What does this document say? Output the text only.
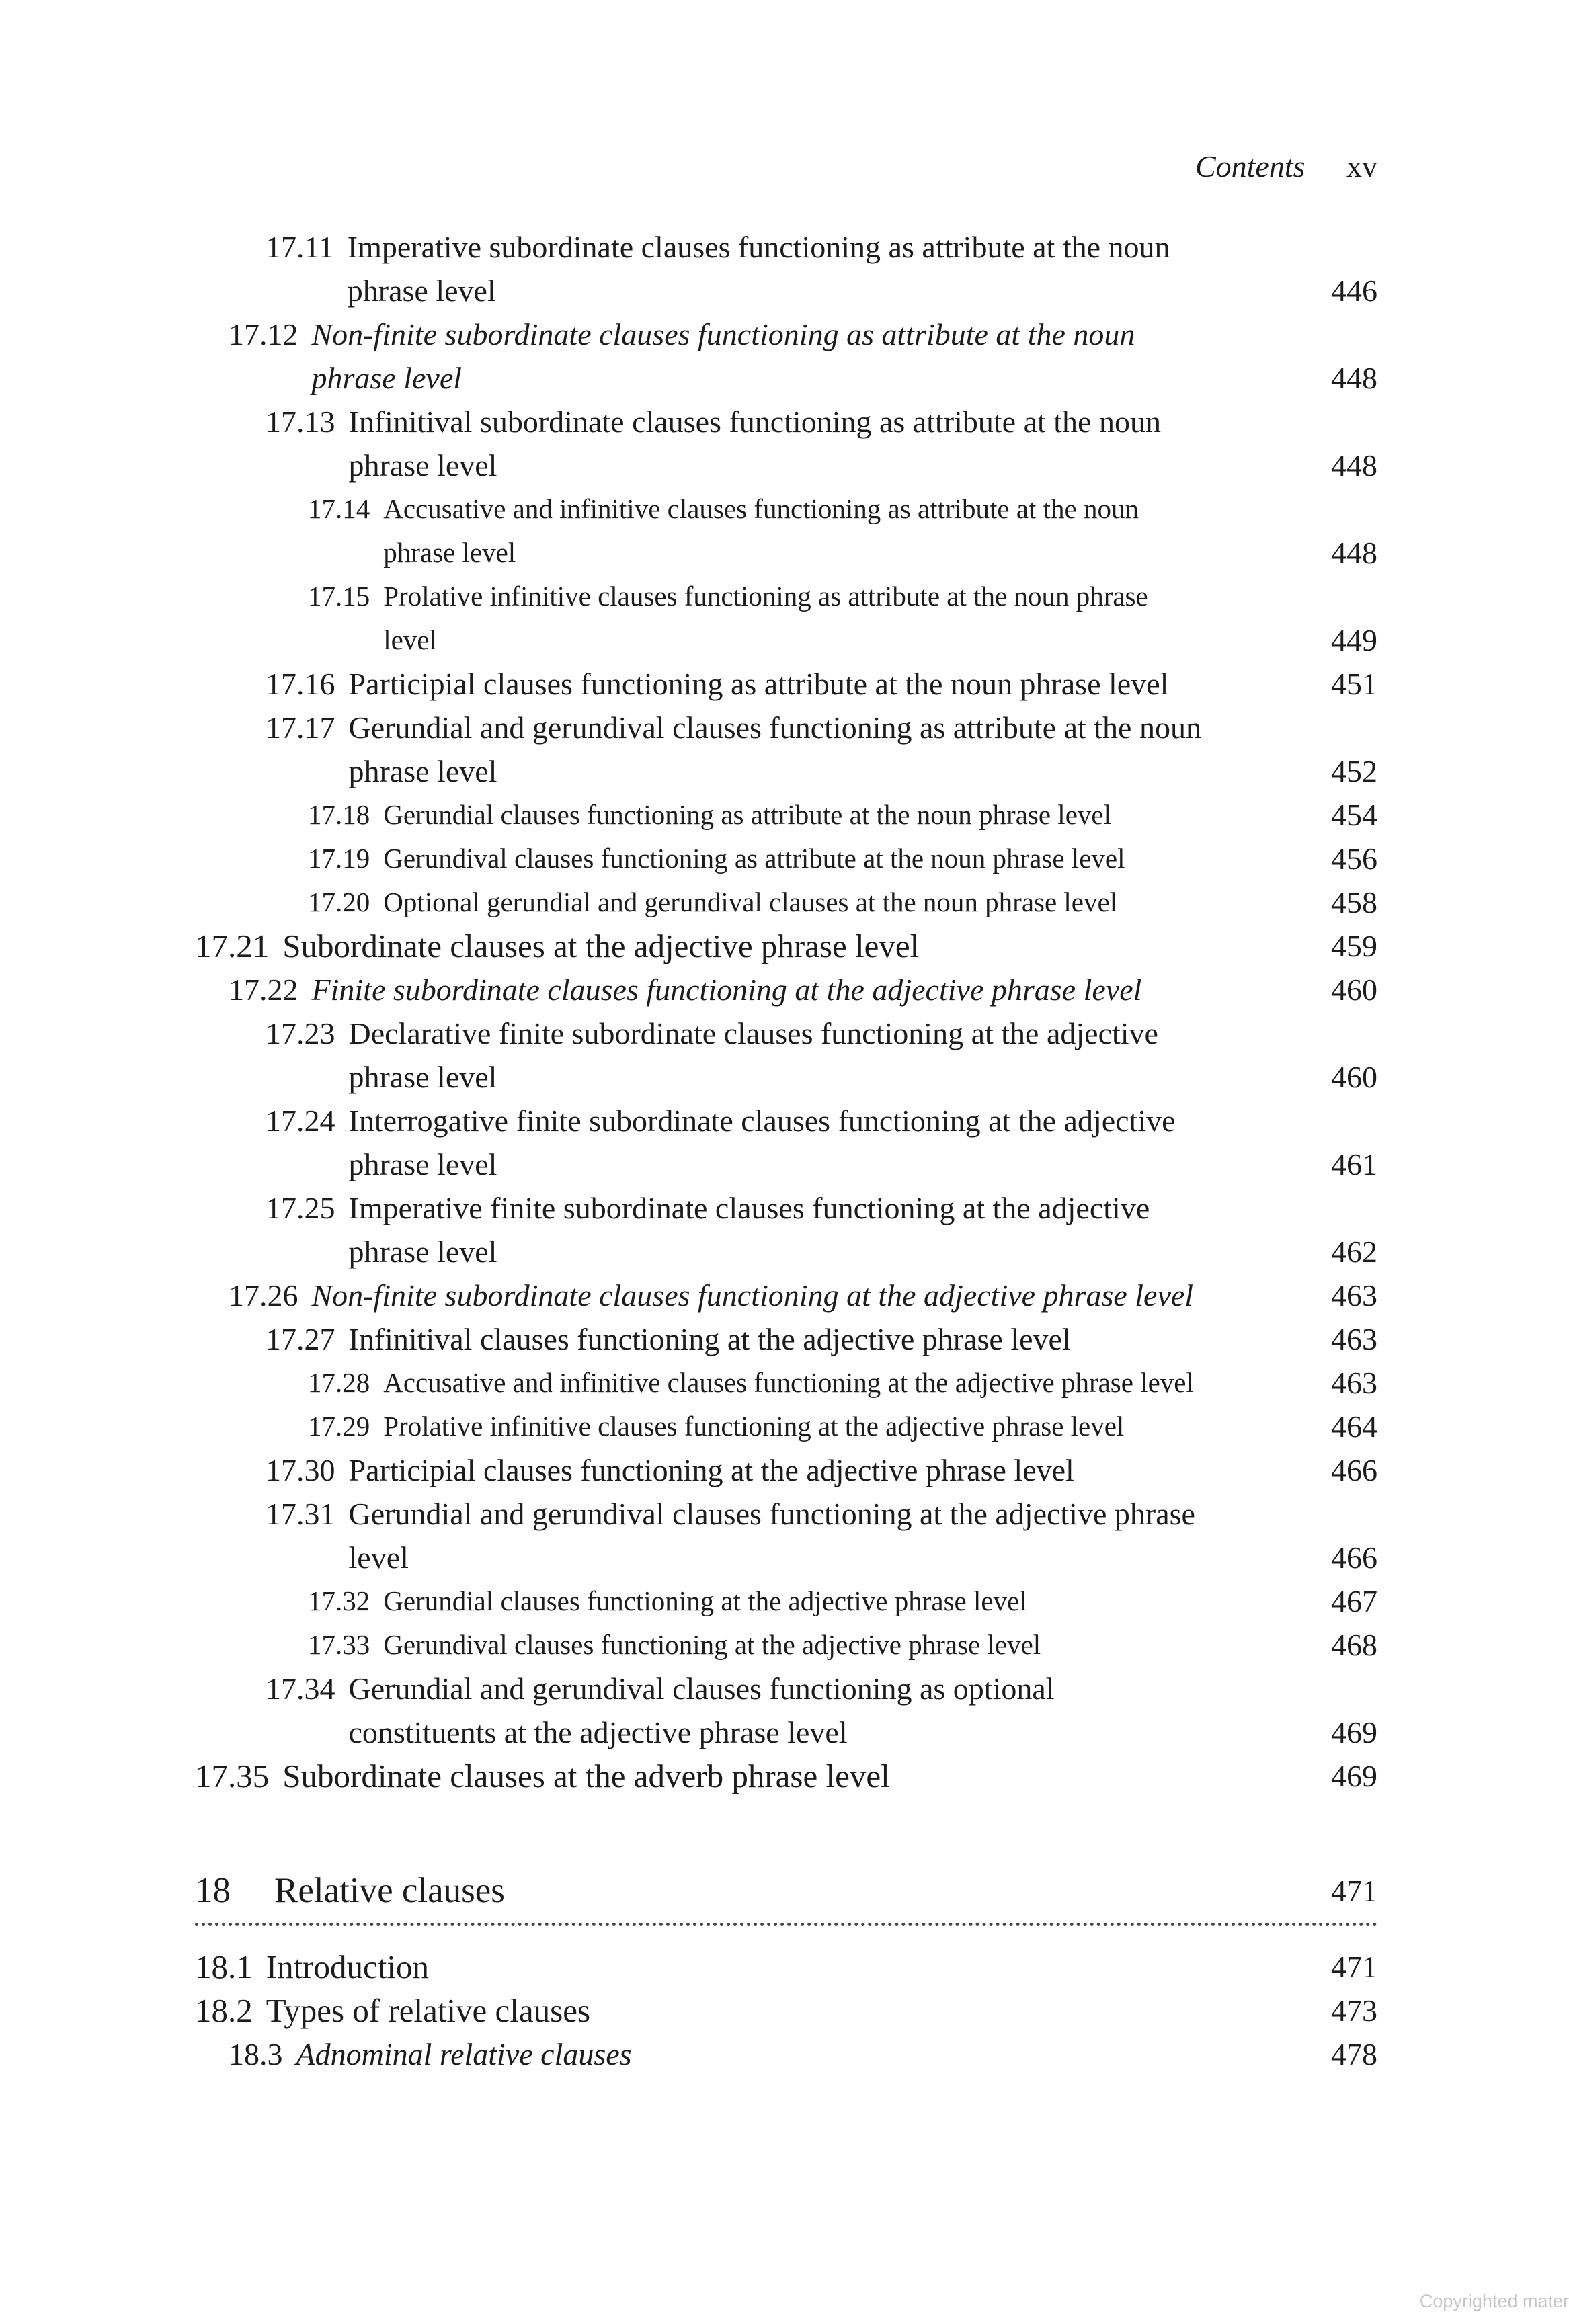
Contents xv
17.11 Imperative subordinate clauses functioning as attribute at the noun phrase level	446
17.12 Non-finite subordinate clauses functioning as attribute at the noun phrase level	448
17.13 Infinitival subordinate clauses functioning as attribute at the noun phrase level	448
17.14 Accusative and infinitive clauses functioning as attribute at the noun phrase level	448
17.15 Prolative infinitive clauses functioning as attribute at the noun phrase level	449
17.16 Participial clauses functioning as attribute at the noun phrase level	451
17.17 Gerundial and gerundival clauses functioning as attribute at the noun phrase level	452
17.18 Gerundial clauses functioning as attribute at the noun phrase level	454
17.19 Gerundival clauses functioning as attribute at the noun phrase level	456
17.20 Optional gerundial and gerundival clauses at the noun phrase level	458
17.21 Subordinate clauses at the adjective phrase level	459
17.22 Finite subordinate clauses functioning at the adjective phrase level	460
17.23 Declarative finite subordinate clauses functioning at the adjective phrase level	460
17.24 Interrogative finite subordinate clauses functioning at the adjective phrase level	461
17.25 Imperative finite subordinate clauses functioning at the adjective phrase level	462
17.26 Non-finite subordinate clauses functioning at the adjective phrase level	463
17.27 Infinitival clauses functioning at the adjective phrase level	463
17.28 Accusative and infinitive clauses functioning at the adjective phrase level	463
17.29 Prolative infinitive clauses functioning at the adjective phrase level	464
17.30 Participial clauses functioning at the adjective phrase level	466
17.31 Gerundial and gerundival clauses functioning at the adjective phrase level	466
17.32 Gerundial clauses functioning at the adjective phrase level	467
17.33 Gerundival clauses functioning at the adjective phrase level	468
17.34 Gerundial and gerundival clauses functioning as optional constituents at the adjective phrase level	469
17.35 Subordinate clauses at the adverb phrase level	469
18 Relative clauses	471
18.1 Introduction	471
18.2 Types of relative clauses	473
18.3 Adnominal relative clauses	478
Copyrighted mater
